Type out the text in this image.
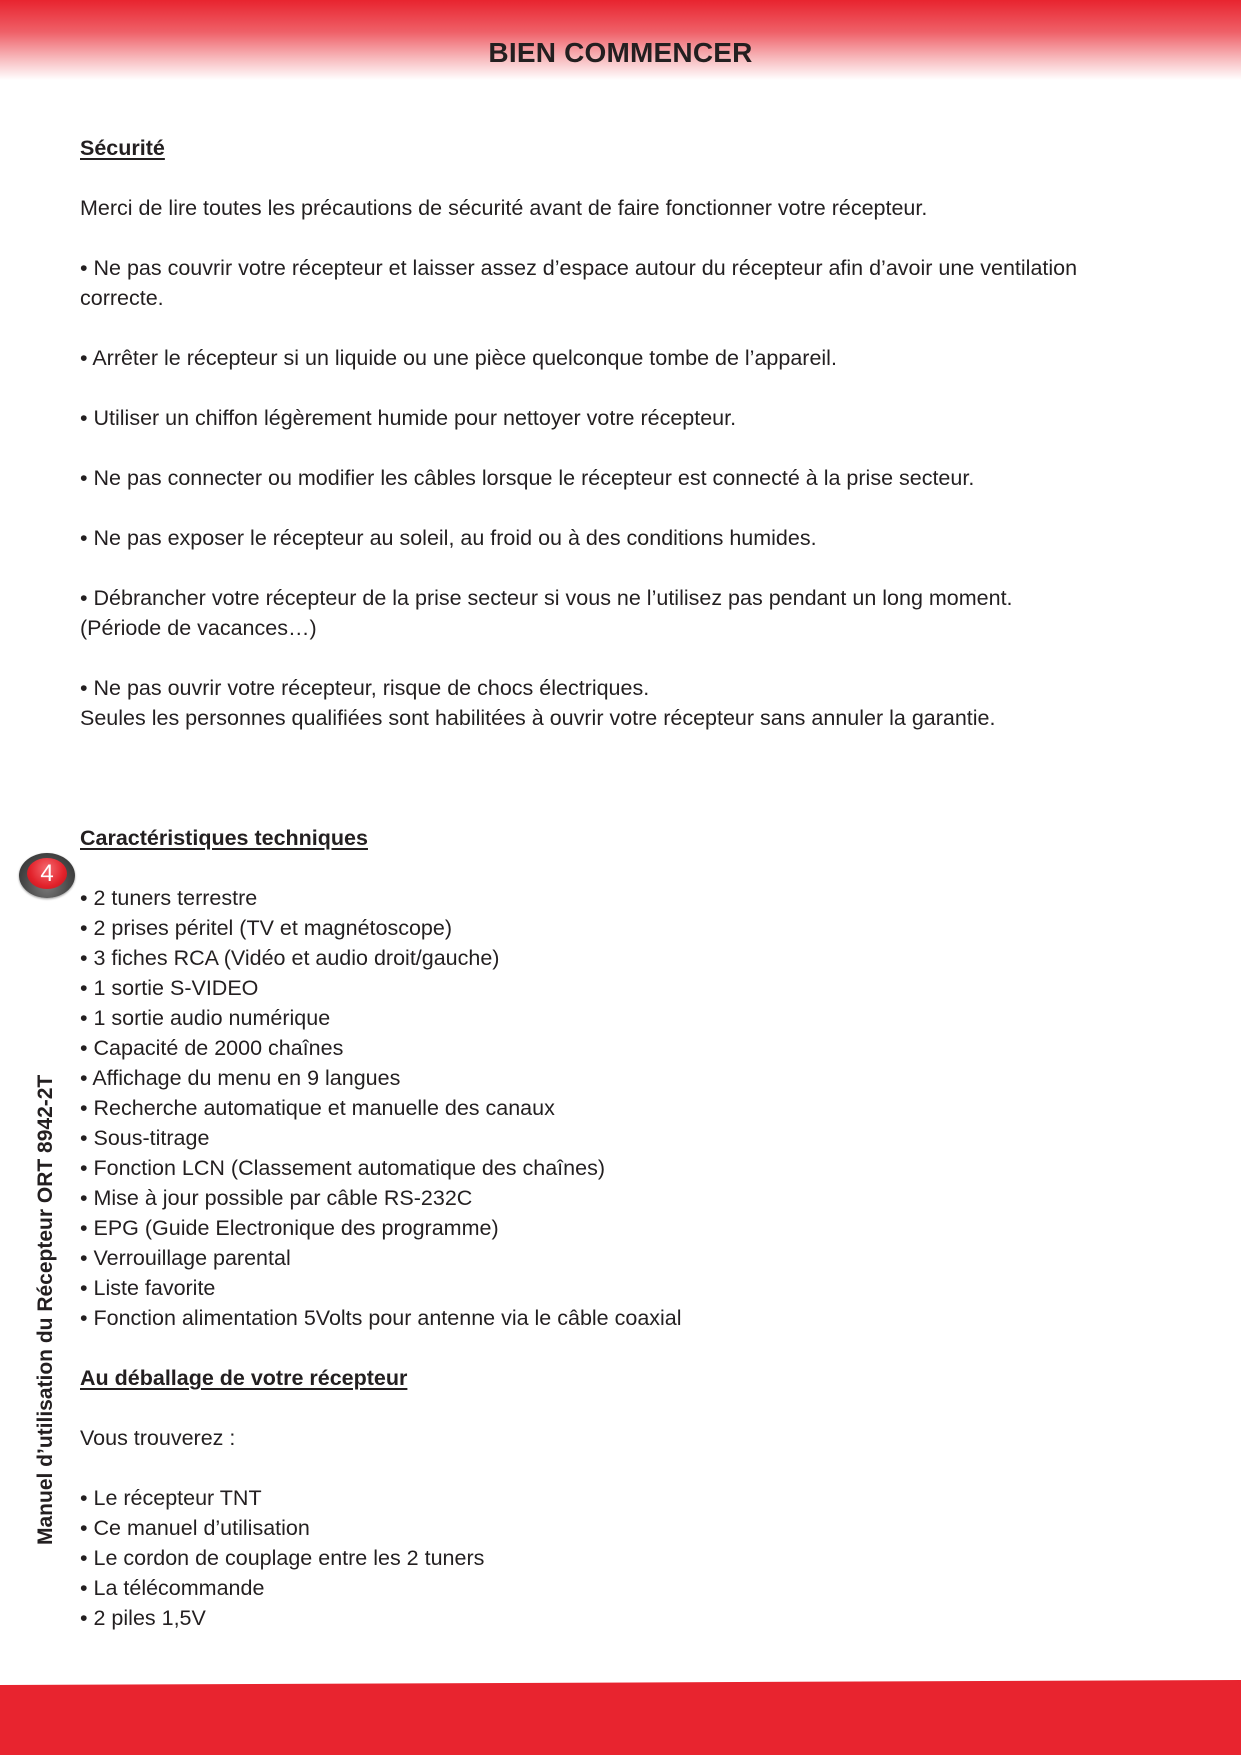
BIEN COMMENCER
4
Manuel d’utilisation du Récepteur ORT 8942-2T

Sécurité

Merci de lire toutes les précautions de sécurité avant de faire fonctionner votre récepteur.

• Ne pas couvrir votre récepteur et laisser assez d’espace autour du récepteur afin d’avoir une ventilation

correcte.

• Arrêter le récepteur si un liquide ou une pièce quelconque tombe de l’appareil.

• Utiliser un chiffon légèrement humide pour nettoyer votre récepteur.

• Ne pas connecter ou modifier les câbles lorsque le récepteur est connecté à la prise secteur.

• Ne pas exposer le récepteur au soleil, au froid ou à des conditions humides.

• Débrancher votre récepteur de la prise secteur si vous ne l’utilisez pas pendant un long moment.

(Période de vacances…)

• Ne pas ouvrir votre récepteur, risque de chocs électriques.

Seules les personnes qualifiées sont habilitées à ouvrir votre récepteur sans annuler la garantie.

Caractéristiques techniques

• 2 tuners terrestre

• 2 prises péritel (TV et magnétoscope)

• 3 fiches RCA (Vidéo et audio droit/gauche)

• 1 sortie S-VIDEO

• 1 sortie audio numérique

• Capacité de 2000 chaînes

• Affichage du menu en 9 langues

• Recherche automatique et manuelle des canaux

• Sous-titrage

• Fonction LCN (Classement automatique des chaînes)

• Mise à jour possible par câble RS-232C

• EPG (Guide Electronique des programme)

• Verrouillage parental

• Liste favorite

• Fonction alimentation 5Volts pour antenne via le câble coaxial

Au déballage de votre récepteur

Vous trouverez :

• Le récepteur TNT

• Ce manuel d’utilisation

• Le cordon de couplage entre les 2 tuners

• La télécommande

• 2 piles 1,5V
